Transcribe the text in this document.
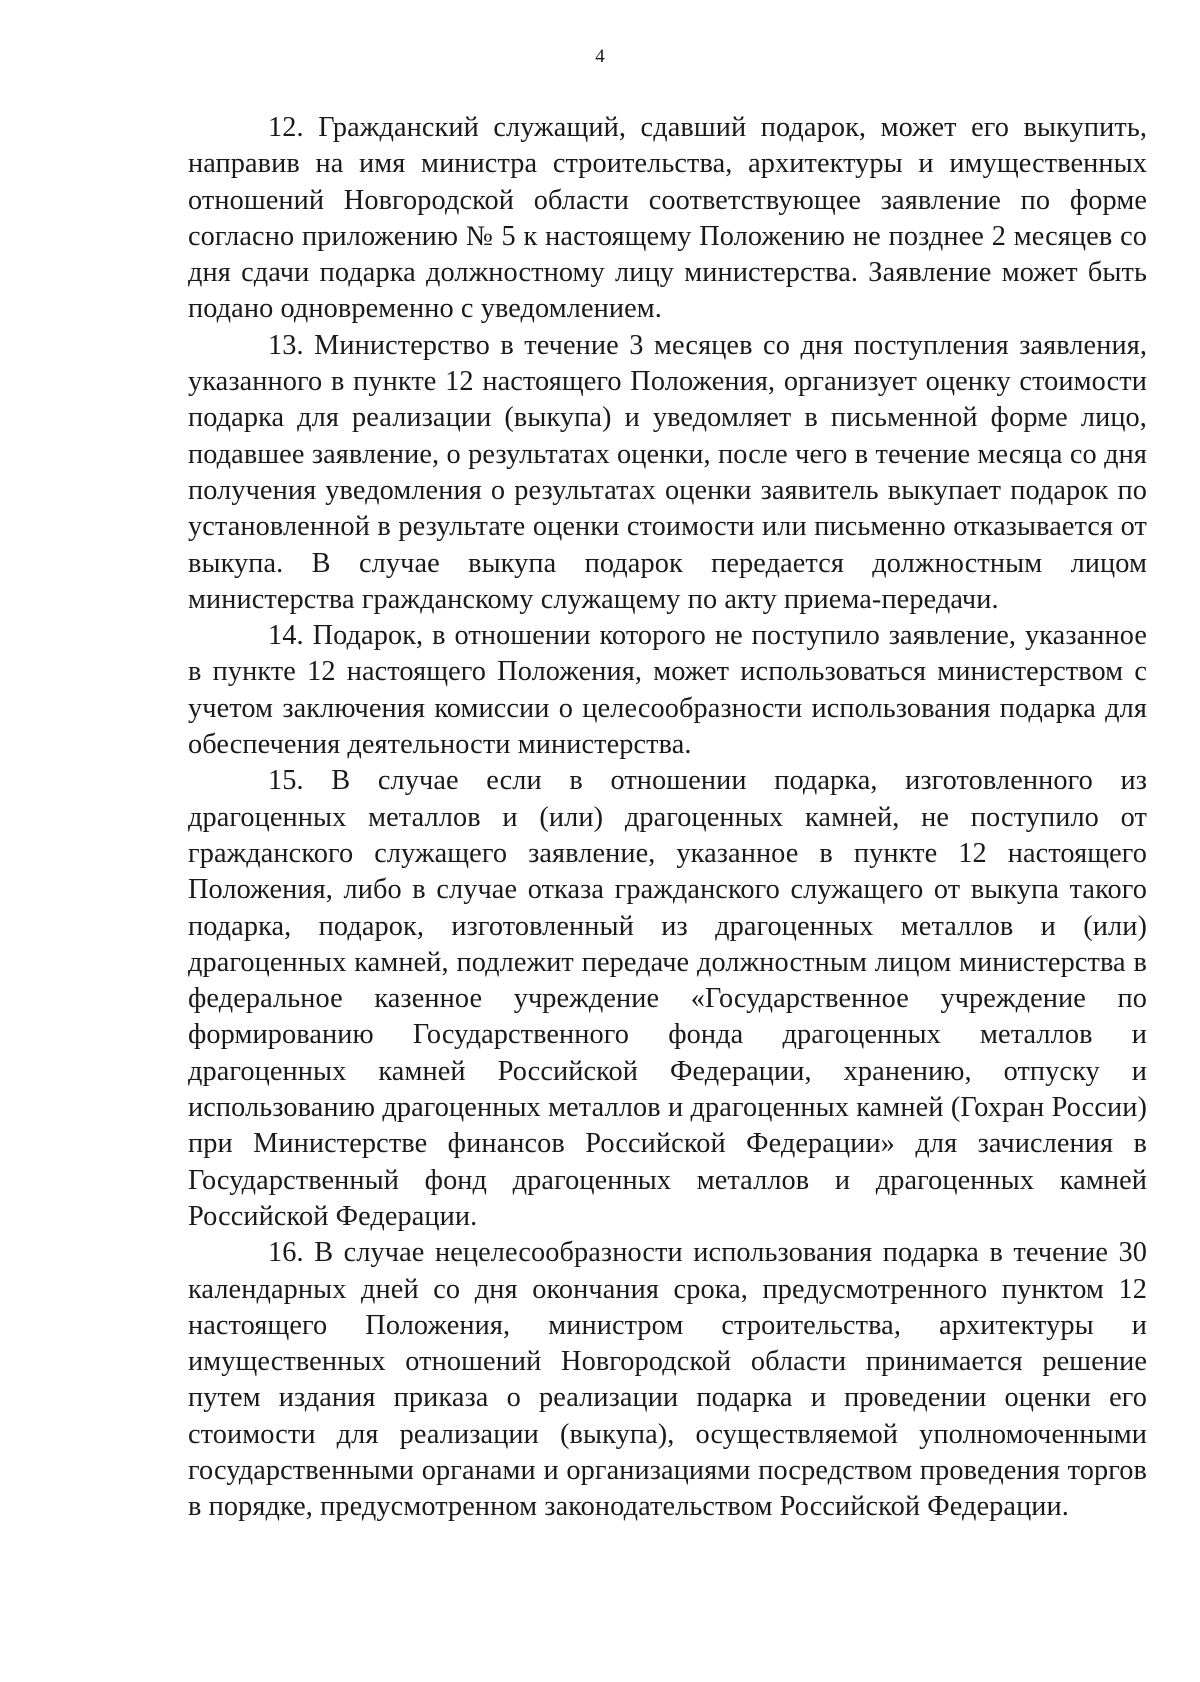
4

12. Гражданский служащий, сдавший подарок, может его выкупить, направив на имя министра строительства, архитектуры и имущественных отношений Новгородской области соответствующее заявление по форме согласно приложению № 5 к настоящему Положению не позднее 2 месяцев со дня сдачи подарка должностному лицу министерства. Заявление может быть подано одновременно с уведомлением.

13. Министерство в течение 3 месяцев со дня поступления заявления, указанного в пункте 12 настоящего Положения, организует оценку стоимости подарка для реализации (выкупа) и уведомляет в письменной форме лицо, подавшее заявление, о результатах оценки, после чего в течение месяца со дня получения уведомления о результатах оценки заявитель выкупает подарок по установленной в результате оценки стоимости или письменно отказывается от выкупа. В случае выкупа подарок передается должностным лицом министерства гражданскому служащему по акту приема-передачи.

14. Подарок, в отношении которого не поступило заявление, указанное в пункте 12 настоящего Положения, может использоваться министерством с учетом заключения комиссии о целесообразности использования подарка для обеспечения деятельности министерства.

15. В случае если в отношении подарка, изготовленного из драгоценных металлов и (или) драгоценных камней, не поступило от гражданского служащего заявление, указанное в пункте 12 настоящего Положения, либо в случае отказа гражданского служащего от выкупа такого подарка, подарок, изготовленный из драгоценных металлов и (или) драгоценных камней, подлежит передаче должностным лицом министерства в федеральное казенное учреждение «Государственное учреждение по формированию Государственного фонда драгоценных металлов и драгоценных камней Российской Федерации, хранению, отпуску и использованию драгоценных металлов и драгоценных камней (Гохран России) при Министерстве финансов Российской Федерации» для зачисления в Государственный фонд драгоценных металлов и драгоценных камней Российской Федерации.

16. В случае нецелесообразности использования подарка в течение 30 календарных дней со дня окончания срока, предусмотренного пунктом 12 настоящего Положения, министром строительства, архитектуры и имущественных отношений Новгородской области принимается решение путем издания приказа о реализации подарка и проведении оценки его стоимости для реализации (выкупа), осуществляемой уполномоченными государственными органами и организациями посредством проведения торгов в порядке, предусмотренном законодательством Российской Федерации.
